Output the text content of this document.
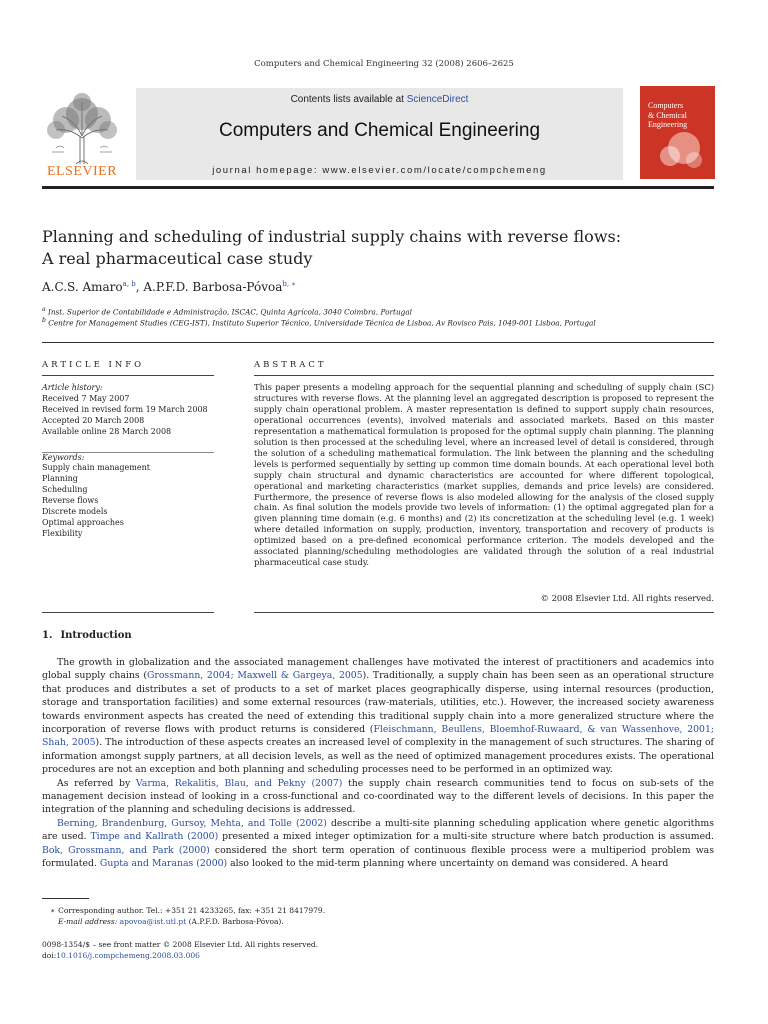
Computers and Chemical Engineering 32 (2008) 2606–2625
ELSEVIER
Contents lists available at ScienceDirect
Computers and Chemical Engineering
journal homepage: www.elsevier.com/locate/compchemeng
Computers
& Chemical
Engineering
Planning and scheduling of industrial supply chains with reverse flows:
A real pharmaceutical case study
A.C.S. Amaro$^{a, b}$, A.P.F.D. Barbosa-Póvoa$^{b, ∗}$
$^a$ Inst. Superior de Contabilidade e Administração, ISCAC, Quinta Agrícola, 3040 Coimbra, Portugal
$^b$ Centre for Management Studies (CEG-IST), Instituto Superior Técnico, Universidade Técnica de Lisboa, Av Rovisco Pais, 1049-001 Lisboa, Portugal
ARTICLE INFO	ABSTRACT
Article history:
Received 7 May 2007
Received in revised form 19 March 2008
Accepted 20 March 2008
Available online 28 March 2008
Keywords:
Supply chain management
Planning
Scheduling
Reverse flows
Discrete models
Optimal approaches
Flexibility
This paper presents a modeling approach for the sequential planning and scheduling of supply chain (SC) structures with reverse flows. At the planning level an aggregated description is proposed to represent the supply chain operational problem. A master representation is defined to support supply chain resources, operational occurrences (events), involved materials and associated markets. Based on this master representation a mathematical formulation is proposed for the optimal supply chain planning. The planning solution is then processed at the scheduling level, where an increased level of detail is considered, through the solution of a scheduling mathematical formulation. The link between the planning and the scheduling levels is performed sequentially by setting up common time domain bounds. At each operational level both supply chain structural and dynamic characteristics are accounted for where different topological, operational and marketing characteristics (market supplies, demands and price levels) are considered. Furthermore, the presence of reverse flows is also modeled allowing for the analysis of the closed supply chain. As final solution the models provide two levels of information: (1) the optimal aggregated plan for a given planning time domain (e.g. 6 months) and (2) its concretization at the scheduling level (e.g. 1 week) where detailed information on supply, production, inventory, transportation and recovery of products is optimized based on a pre-defined economical performance criterion. The models developed and the associated planning/scheduling methodologies are validated through the solution of a real industrial pharmaceutical case study.
© 2008 Elsevier Ltd. All rights reserved.
1. Introduction

The growth in globalization and the associated management challenges have motivated the interest of practitioners and academics into global supply chains (Grossmann, 2004; Maxwell & Gargeya, 2005). Traditionally, a supply chain has been seen as an operational structure that produces and distributes a set of products to a set of market places geographically disperse, using internal resources (production, storage and transportation facilities) and some external resources (raw-materials, utilities, etc.). However, the increased society awareness towards environment aspects has created the need of extending this traditional supply chain into a more generalized structure where the incorporation of reverse flows with product returns is considered (Fleischmann, Beullens, Bloemhof-Ruwaard, & van Wassenhove, 2001; Shah, 2005). The introduction of these aspects creates an increased level of complexity in the management of such structures. The sharing of information amongst supply partners, at all decision levels, as well as the need of optimized management procedures exists. The operational procedures are not an exception and both planning and scheduling processes need to be performed in an optimized way.

As referred by Varma, Rekalitis, Blau, and Pekny (2007) the supply chain research communities tend to focus on sub-sets of the management decision instead of looking in a cross-functional and co-coordinated way to the different levels of decisions. In this paper the integration of the planning and scheduling decisions is addressed.

Berning, Brandenburg, Gursoy, Mehta, and Tolle (2002) describe a multi-site planning scheduling application where genetic algorithms are used. Timpe and Kallrath (2000) presented a mixed integer optimization for a multi-site structure where batch production is assumed. Bok, Grossmann, and Park (2000) considered the short term operation of continuous flexible process were a multiperiod problem was formulated. Gupta and Maranas (2000) also looked to the mid-term planning where uncertainty on demand was considered. A heard

∗ Corresponding author. Tel.: +351 21 4233265, fax: +351 21 8417979.
E-mail address: apovoa@ist.utl.pt (A.P.F.D. Barbosa-Póvoa).
0098-1354/$ – see front matter © 2008 Elsevier Ltd. All rights reserved.
doi:10.1016/j.compchemeng.2008.03.006
